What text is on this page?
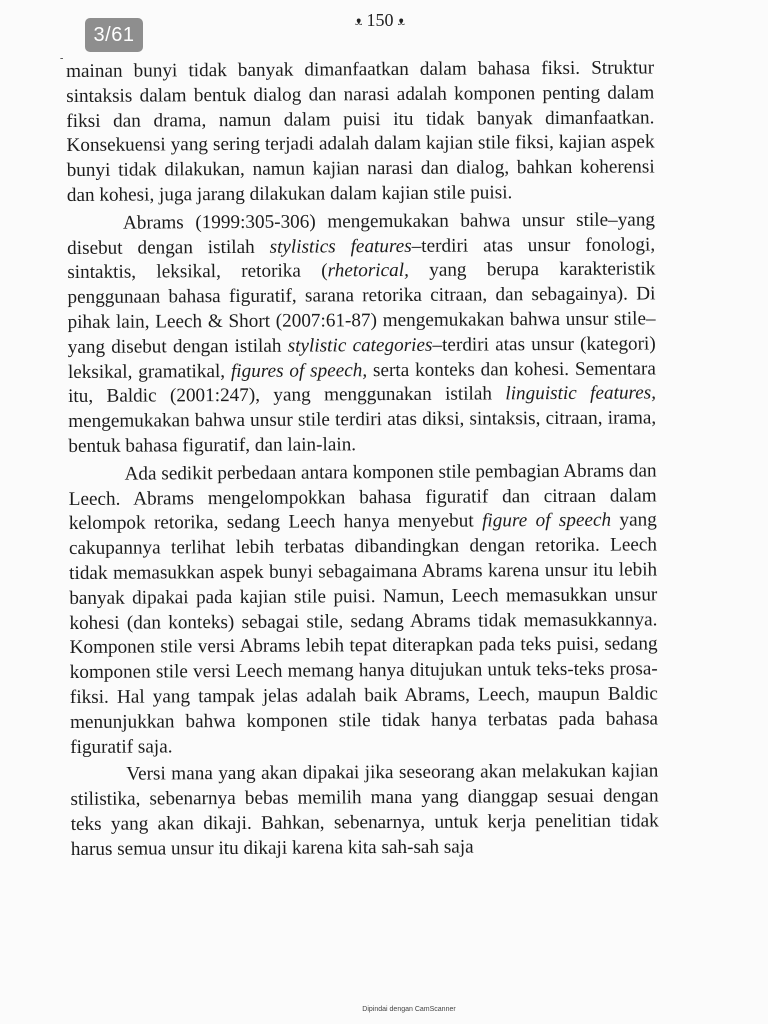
3/61
ᴥ 150 ᴥ
- mainan bunyi tidak banyak dimanfaatkan dalam bahasa fiksi. Struktur sintaksis dalam bentuk dialog dan narasi adalah komponen penting dalam fiksi dan drama, namun dalam puisi itu tidak banyak dimanfaatkan. Konsekuensi yang sering terjadi adalah dalam kajian stile fiksi, kajian aspek bunyi tidak dilakukan, namun kajian narasi dan dialog, bahkan koherensi dan kohesi, juga jarang dilakukan dalam kajian stile puisi.

Abrams (1999:305-306) mengemukakan bahwa unsur stile–yang disebut dengan istilah stylistics features–terdiri atas unsur fonologi, sintaktis, leksikal, retorika (rhetorical, yang berupa karakteristik penggunaan bahasa figuratif, sarana retorika citraan, dan sebagainya). Di pihak lain, Leech & Short (2007:61-87) mengemukakan bahwa unsur stile–yang disebut dengan istilah stylistic categories–terdiri atas unsur (kategori) leksikal, gramatikal, figures of speech, serta konteks dan kohesi. Sementara itu, Baldic (2001:247), yang menggunakan istilah linguistic features, mengemukakan bahwa unsur stile terdiri atas diksi, sintaksis, citraan, irama, bentuk bahasa figuratif, dan lain-lain.

Ada sedikit perbedaan antara komponen stile pembagian Abrams dan Leech. Abrams mengelompokkan bahasa figuratif dan citraan dalam kelompok retorika, sedang Leech hanya menyebut figure of speech yang cakupannya terlihat lebih terbatas dibandingkan dengan retorika. Leech tidak memasukkan aspek bunyi sebagaimana Abrams karena unsur itu lebih banyak dipakai pada kajian stile puisi. Namun, Leech memasukkan unsur kohesi (dan konteks) sebagai stile, sedang Abrams tidak memasukkannya. Komponen stile versi Abrams lebih tepat diterapkan pada teks puisi, sedang komponen stile versi Leech memang hanya ditujukan untuk teks-teks prosa-fiksi. Hal yang tampak jelas adalah baik Abrams, Leech, maupun Baldic menunjukkan bahwa komponen stile tidak hanya terbatas pada bahasa figuratif saja.

Versi mana yang akan dipakai jika seseorang akan melakukan kajian stilistika, sebenarnya bebas memilih mana yang dianggap sesuai dengan teks yang akan dikaji. Bahkan, sebenarnya, untuk kerja penelitian tidak harus semua unsur itu dikaji karena kita sah-sah saja

Dipindai dengan CamScanner
